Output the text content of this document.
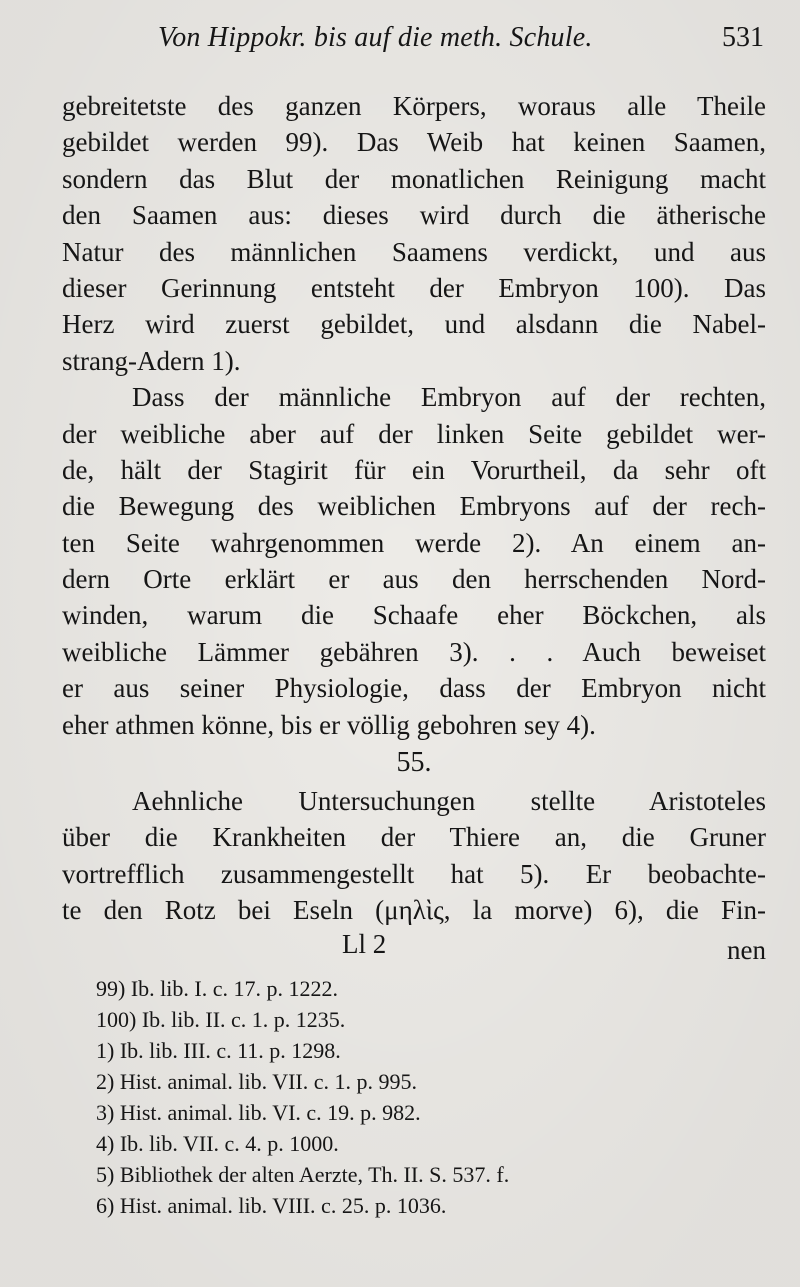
Von Hippokr. bis auf die meth. Schule.	531
gebreitetste des ganzen Körpers, woraus alle Theile
gebildet werden 99). Das Weib hat keinen Saamen,
sondern das Blut der monatlichen Reinigung macht
den Saamen aus: dieses wird durch die ätherische
Natur des männlichen Saamens verdickt, und aus
dieser Gerinnung entsteht der Embryon 100). Das
Herz wird zuerst gebildet, und alsdann die Nabel-
strang-Adern 1).
Dass der männliche Embryon auf der rechten,
der weibliche aber auf der linken Seite gebildet wer-
de, hält der Stagirit für ein Vorurtheil, da sehr oft
die Bewegung des weiblichen Embryons auf der rech-
ten Seite wahrgenommen werde 2). An einem an-
dern Orte erklärt er aus den herrschenden Nord-
winden, warum die Schaafe eher Böckchen, als
weibliche Lämmer gebähren 3). . . Auch beweiset
er aus seiner Physiologie, dass der Embryon nicht
eher athmen könne, bis er völlig gebohren sey 4).
55.
Aehnliche Untersuchungen stellte Aristoteles
über die Krankheiten der Thiere an, die Gruner
vortrefflich zusammengestellt hat 5). Er beobachte-
te den Rotz bei Eseln (μηλὶς, la morve) 6), die Fin-
Ll 2	nen
99) Ib. lib. I. c. 17. p. 1222.
100) Ib. lib. II. c. 1. p. 1235.
1) Ib. lib. III. c. 11. p. 1298.
2) Hist. animal. lib. VII. c. 1. p. 995.
3) Hist. animal. lib. VI. c. 19. p. 982.
4) Ib. lib. VII. c. 4. p. 1000.
5) Bibliothek der alten Aerzte, Th. II. S. 537. f.
6) Hist. animal. lib. VIII. c. 25. p. 1036.
